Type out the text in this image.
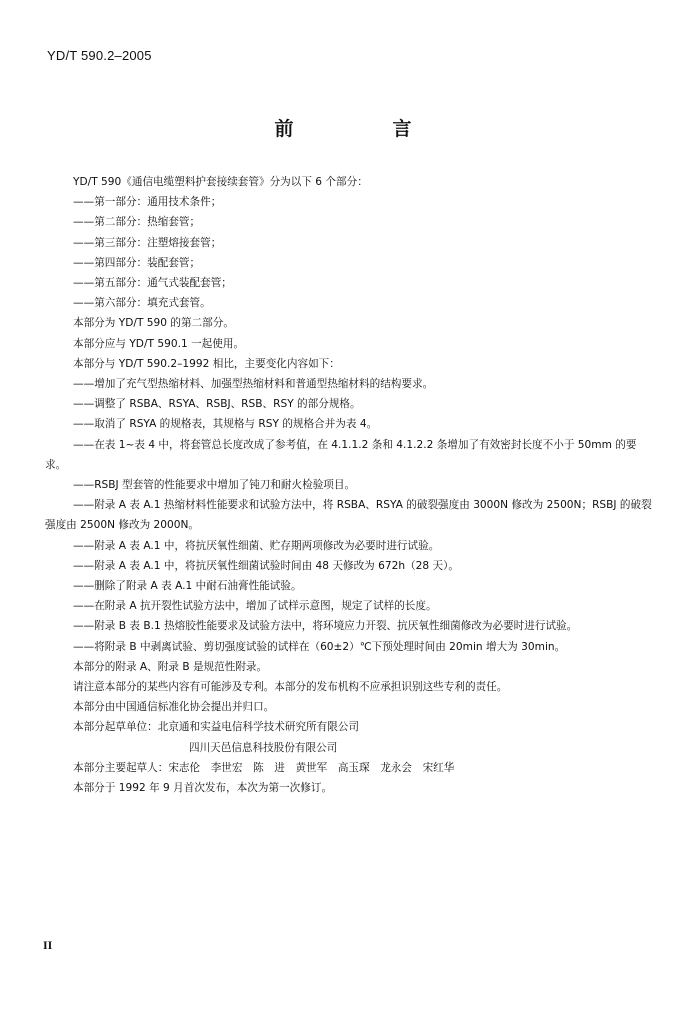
YD/T 590.2–2005
前　言

YD/T 590《通信电缆塑料护套接续套管》分为以下 6 个部分：

——第一部分：通用技术条件；

——第二部分：热缩套管；

——第三部分：注塑熔接套管；

——第四部分：装配套管；

——第五部分：通气式装配套管；

——第六部分：填充式套管。

本部分为 YD/T 590 的第二部分。

本部分应与 YD/T 590.1 一起使用。

本部分与 YD/T 590.2–1992 相比，主要变化内容如下：

——增加了充气型热缩材料、加强型热缩材料和普通型热缩材料的结构要求。

——调整了 RSBA、RSYA、RSBJ、RSB、RSY 的部分规格。

——取消了 RSYA 的规格表，其规格与 RSY 的规格合并为表 4。

——在表 1~表 4 中，将套管总长度改成了参考值，在 4.1.1.2 条和 4.1.2.2 条增加了有效密封长度不小于 50mm 的要求。

——RSBJ 型套管的性能要求中增加了钝刀和耐火检验项目。

——附录 A 表 A.1 热缩材料性能要求和试验方法中，将 RSBA、RSYA 的破裂强度由 3000N 修改为 2500N；RSBJ 的破裂强度由 2500N 修改为 2000N。

——附录 A 表 A.1 中，将抗厌氧性细菌、贮存期两项修改为必要时进行试验。

——附录 A 表 A.1 中，将抗厌氧性细菌试验时间由 48 天修改为 672h（28 天）。

——删除了附录 A 表 A.1 中耐石油膏性能试验。

——在附录 A 抗开裂性试验方法中，增加了试样示意图，规定了试样的长度。

——附录 B 表 B.1 热熔胶性能要求及试验方法中，将环境应力开裂、抗厌氧性细菌修改为必要时进行试验。

——将附录 B 中剥离试验、剪切强度试验的试样在（60±2）℃下预处理时间由 20min 增大为 30min。

本部分的附录 A、附录 B 是规范性附录。

请注意本部分的某些内容有可能涉及专利。本部分的发布机构不应承担识别这些专利的责任。

本部分由中国通信标准化协会提出并归口。

本部分起草单位：北京通和实益电信科学技术研究所有限公司

四川天邑信息科技股份有限公司

本部分主要起草人：宋志伦　李世宏　陈　进　黄世军　高玉琛　龙永会　宋红华

本部分于 1992 年 9 月首次发布，本次为第一次修订。

II
